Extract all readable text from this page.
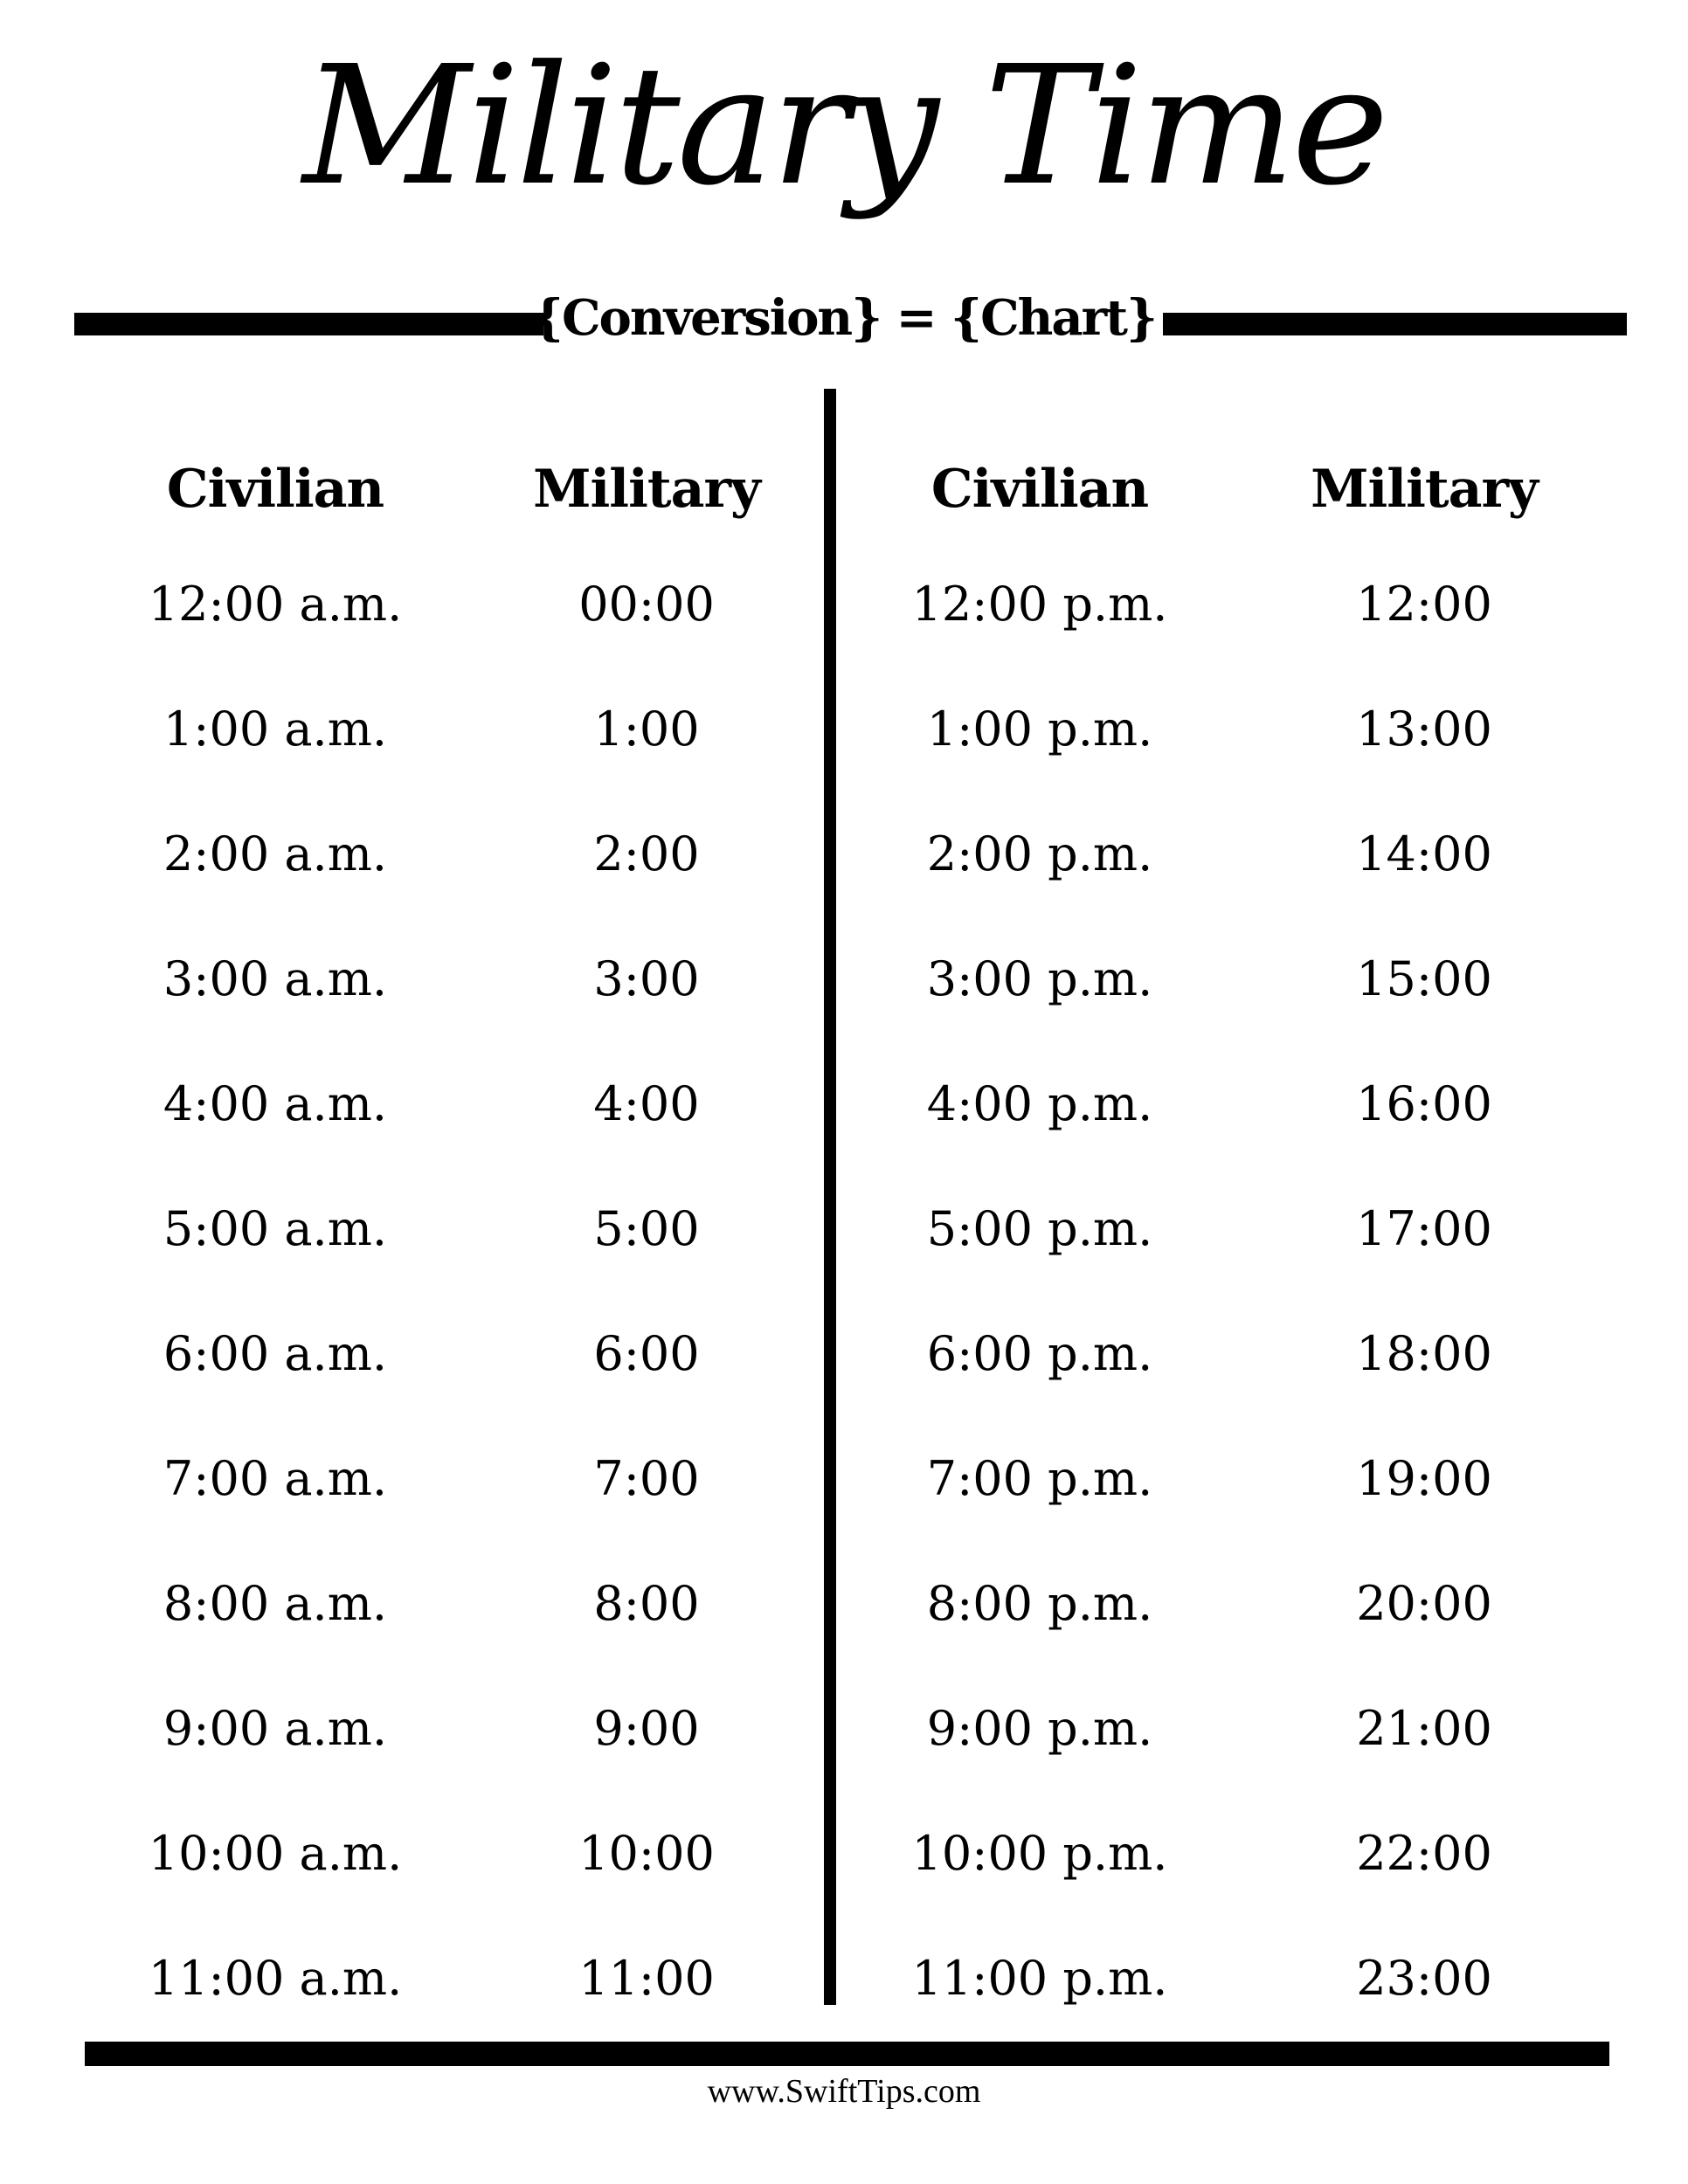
Military Time
{Conversion} = {Chart}
Civilian	Military
12:00 a.m.	00:00
1:00 a.m.	1:00
2:00 a.m.	2:00
3:00 a.m.	3:00
4:00 a.m.	4:00
5:00 a.m.	5:00
6:00 a.m.	6:00
7:00 a.m.	7:00
8:00 a.m.	8:00
9:00 a.m.	9:00
10:00 a.m.	10:00
11:00 a.m.	11:00
Civilian	Military
12:00 p.m.	12:00
1:00 p.m.	13:00
2:00 p.m.	14:00
3:00 p.m.	15:00
4:00 p.m.	16:00
5:00 p.m.	17:00
6:00 p.m.	18:00
7:00 p.m.	19:00
8:00 p.m.	20:00
9:00 p.m.	21:00
10:00 p.m.	22:00
11:00 p.m.	23:00
www.SwiftTips.com
